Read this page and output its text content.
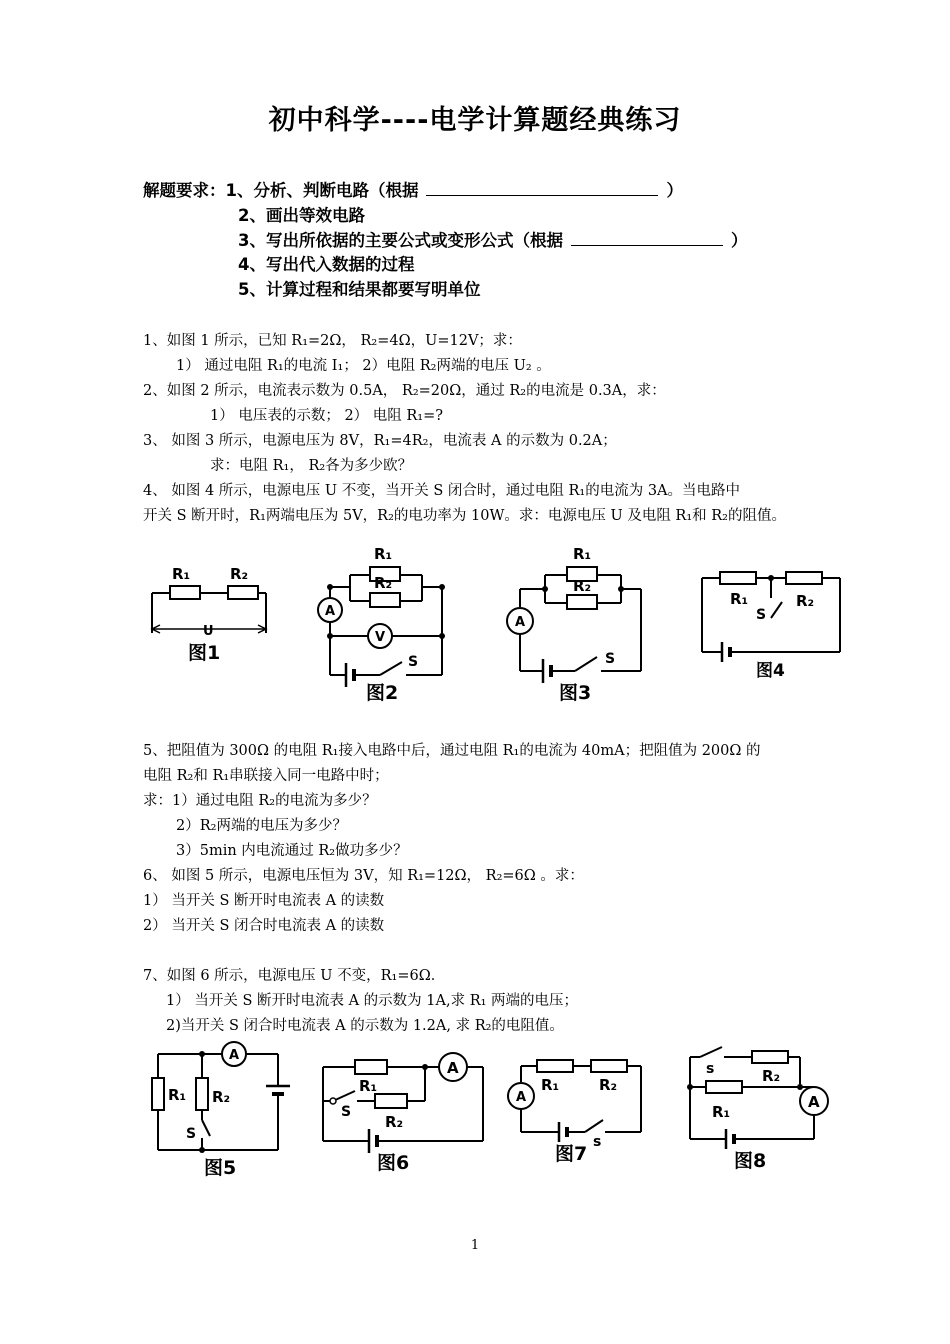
初中科学----电学计算题经典练习
解题要求：1、分析、判断电路（根据	）
2、画出等效电路
3、写出所依据的主要公式或变形公式（根据	）
4、写出代入数据的过程
5、计算过程和结果都要写明单位
1、如图 1 所示，已知 R₁=2Ω， R₂=4Ω，U=12V；求：
1） 通过电阻 R₁的电流 I₁； 2）电阻 R₂两端的电压 U₂ 。
2、如图 2 所示，电流表示数为 0.5A， R₂=20Ω，通过 R₂的电流是 0.3A，求：
1） 电压表的示数； 2） 电阻 R₁=?
3、 如图 3 所示，电源电压为 8V，R₁=4R₂，电流表 A 的示数为 0.2A；
求：电阻 R₁， R₂各为多少欧？
4、 如图 4 所示，电源电压 U 不变，当开关 S 闭合时，通过电阻 R₁的电流为 3A。当电路中
开关 S 断开时，R₁两端电压为 5V，R₂的电功率为 10W。求：电源电压 U 及电阻 R₁和 R₂的阻值。
R₁	R₂
U
图1
R₁
R₂
A
V
S
图2
R₁
R₂
A
S
图3
R₁	R₂
S
图4
5、把阻值为 300Ω 的电阻 R₁接入电路中后，通过电阻 R₁的电流为 40mA；把阻值为 200Ω 的
电阻 R₂和 R₁串联接入同一电路中时；
求：1）通过电阻 R₂的电流为多少？
2）R₂两端的电压为多少？
3）5min 内电流通过 R₂做功多少？
6、 如图 5 所示，电源电压恒为 3V，知 R₁=12Ω， R₂=6Ω 。求：
1） 当开关 S 断开时电流表 A 的读数
2） 当开关 S 闭合时电流表 A 的读数
7、如图 6 所示，电源电压 U 不变，R₁=6Ω．
1） 当开关 S 断开时电流表 A 的示数为 1A,求 R₁ 两端的电压；
2)当开关 S 闭合时电流表 A 的示数为 1.2A, 求 R₂的电阻值。
A
R₁ R₂
S
图5
A
R₁
S
R₂
图6
A
R₁	R₂
s
图7
s	R₂
A
R₁
图8
1
